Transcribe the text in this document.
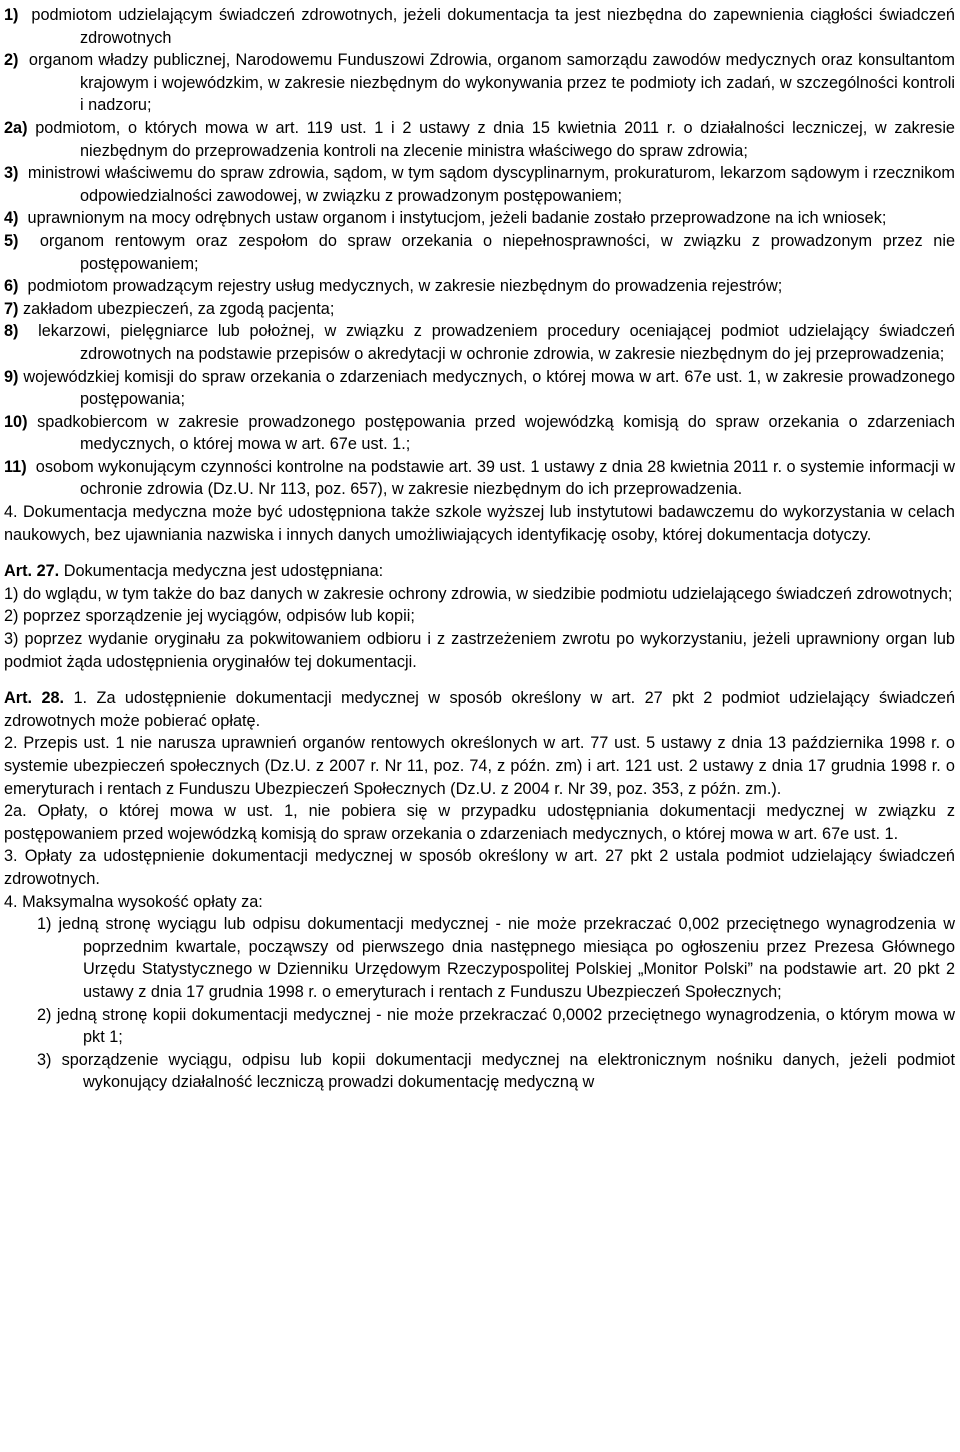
1) podmiotom udzielającym świadczeń zdrowotnych, jeżeli dokumentacja ta jest niezbędna do zapewnienia ciągłości świadczeń zdrowotnych

2) organom władzy publicznej, Narodowemu Funduszowi Zdrowia, organom samorządu zawodów medycznych oraz konsultantom krajowym i wojewódzkim, w zakresie niezbędnym do wykonywania przez te podmioty ich zadań, w szczególności kontroli i nadzoru;

2a) podmiotom, o których mowa w art. 119 ust. 1 i 2 ustawy z dnia 15 kwietnia 2011 r. o działalności leczniczej, w zakresie niezbędnym do przeprowadzenia kontroli na zlecenie ministra właściwego do spraw zdrowia;

3) ministrowi właściwemu do spraw zdrowia, sądom, w tym sądom dyscyplinarnym, prokuraturom, lekarzom sądowym i rzecznikom odpowiedzialności zawodowej, w związku z prowadzonym postępowaniem;

4) uprawnionym na mocy odrębnych ustaw organom i instytucjom, jeżeli badanie zostało przeprowadzone na ich wniosek;

5) organom rentowym oraz zespołom do spraw orzekania o niepełnosprawności, w związku z prowadzonym przez nie postępowaniem;

6) podmiotom prowadzącym rejestry usług medycznych, w zakresie niezbędnym do prowadzenia rejestrów;

7) zakładom ubezpieczeń, za zgodą pacjenta;

8) lekarzowi, pielęgniarce lub położnej, w związku z prowadzeniem procedury oceniającej podmiot udzielający świadczeń zdrowotnych na podstawie przepisów o akredytacji w ochronie zdrowia, w zakresie niezbędnym do jej przeprowadzenia;

9) wojewódzkiej komisji do spraw orzekania o zdarzeniach medycznych, o której mowa w art. 67e ust. 1, w zakresie prowadzonego postępowania;

10) spadkobiercom w zakresie prowadzonego postępowania przed wojewódzką komisją do spraw orzekania o zdarzeniach medycznych, o której mowa w art. 67e ust. 1.;

11) osobom wykonującym czynności kontrolne na podstawie art. 39 ust. 1 ustawy z dnia 28 kwietnia 2011 r. o systemie informacji w ochronie zdrowia (Dz.U. Nr 113, poz. 657), w zakresie niezbędnym do ich przeprowadzenia.

4. Dokumentacja medyczna może być udostępniona także szkole wyższej lub instytutowi badawczemu do wykorzystania w celach naukowych, bez ujawniania nazwiska i innych danych umożliwiających identyfikację osoby, której dokumentacja dotyczy.

Art. 27. Dokumentacja medyczna jest udostępniana:

1) do wglądu, w tym także do baz danych w zakresie ochrony zdrowia, w siedzibie podmiotu udzielającego świadczeń zdrowotnych;

2) poprzez sporządzenie jej wyciągów, odpisów lub kopii;

3) poprzez wydanie oryginału za pokwitowaniem odbioru i z zastrzeżeniem zwrotu po wykorzystaniu, jeżeli uprawniony organ lub podmiot żąda udostępnienia oryginałów tej dokumentacji.

Art. 28. 1. Za udostępnienie dokumentacji medycznej w sposób określony w art. 27 pkt 2 podmiot udzielający świadczeń zdrowotnych może pobierać opłatę.

2. Przepis ust. 1 nie narusza uprawnień organów rentowych określonych w art. 77 ust. 5 ustawy z dnia 13 października 1998 r. o systemie ubezpieczeń społecznych (Dz.U. z 2007 r. Nr 11, poz. 74, z późn. zm) i art. 121 ust. 2 ustawy z dnia 17 grudnia 1998 r. o emeryturach i rentach z Funduszu Ubezpieczeń Społecznych (Dz.U. z 2004 r. Nr 39, poz. 353, z późn. zm.).

2a. Opłaty, o której mowa w ust. 1, nie pobiera się w przypadku udostępniania dokumentacji medycznej w związku z postępowaniem przed wojewódzką komisją do spraw orzekania o zdarzeniach medycznych, o której mowa w art. 67e ust. 1.

3. Opłaty za udostępnienie dokumentacji medycznej w sposób określony w art. 27 pkt 2 ustala podmiot udzielający świadczeń zdrowotnych.

4. Maksymalna wysokość opłaty za:

1) jedną stronę wyciągu lub odpisu dokumentacji medycznej - nie może przekraczać 0,002 przeciętnego wynagrodzenia w poprzednim kwartale, począwszy od pierwszego dnia następnego miesiąca po ogłoszeniu przez Prezesa Głównego Urzędu Statystycznego w Dzienniku Urzędowym Rzeczypospolitej Polskiej „Monitor Polski” na podstawie art. 20 pkt 2 ustawy z dnia 17 grudnia 1998 r. o emeryturach i rentach z Funduszu Ubezpieczeń Społecznych;

2) jedną stronę kopii dokumentacji medycznej - nie może przekraczać 0,0002 przeciętnego wynagrodzenia, o którym mowa w pkt 1;

3) sporządzenie wyciągu, odpisu lub kopii dokumentacji medycznej na elektronicznym nośniku danych, jeżeli podmiot wykonujący działalność leczniczą prowadzi dokumentację medyczną w
